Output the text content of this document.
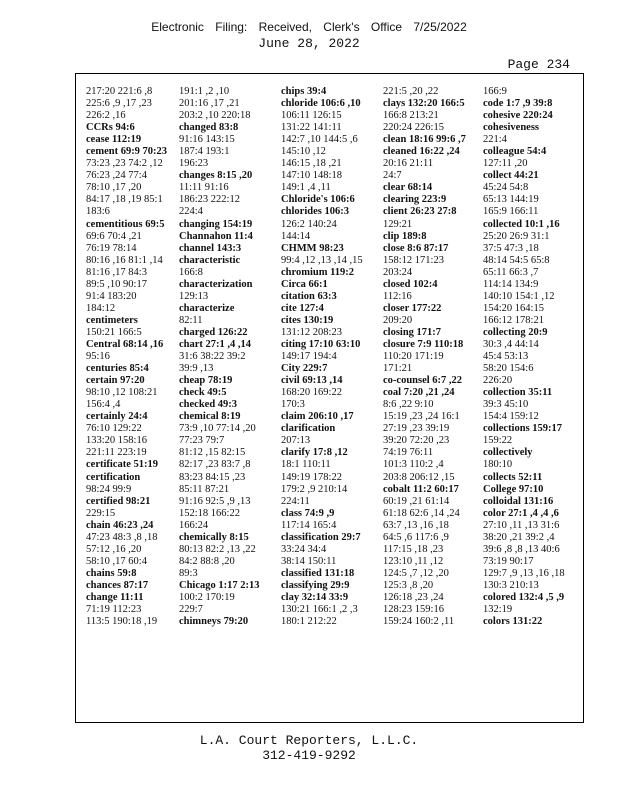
Electronic Filing: Received, Clerk's Office 7/25/2022
June 28, 2022
Page 234
217:20 221:6 ,8
225:6 ,9 ,17 ,23
226:2 ,16
CCRs 94:6
cease 112:19
cement 69:9 70:23
73:23 ,23 74:2 ,12
76:23 ,24 77:4
78:10 ,17 ,20
84:17 ,18 ,19 85:1
183:6
cementitious 69:5
69:6 70:4 ,21
76:19 78:14
80:16 ,16 81:1 ,14
81:16 ,17 84:3
89:5 ,10 90:17
91:4 183:20
184:12
centimeters
150:21 166:5
Central 68:14 ,16
95:16
centuries 85:4
certain 97:20
98:10 ,12 108:21
156:4 ,4
certainly 24:4
76:10 129:22
133:20 158:16
221:11 223:19
certificate 51:19
certification
98:24 99:9
certified 98:21
229:15
chain 46:23 ,24
47:23 48:3 ,8 ,18
57:12 ,16 ,20
58:10 ,17 60:4
chains 59:8
chances 87:17
change 11:11
71:19 112:23
113:5 190:18 ,19
191:1 ,2 ,10
201:16 ,17 ,21
203:2 ,10 220:18
changed 83:8
91:16 143:15
187:4 193:1
196:23
changes 8:15 ,20
11:11 91:16
186:23 222:12
224:4
changing 154:19
Channahon 11:4
channel 143:3
characteristic
166:8
characterization
129:13
characterize
82:11
charged 126:22
chart 27:1 ,4 ,14
31:6 38:22 39:2
39:9 ,13
cheap 78:19
check 49:5
checked 49:3
chemical 8:19
73:9 ,10 77:14 ,20
77:23 79:7
81:12 ,15 82:15
82:17 ,23 83:7 ,8
83:23 84:15 ,23
85:11 87:21
91:16 92:5 ,9 ,13
152:18 166:22
166:24
chemically 8:15
80:13 82:2 ,13 ,22
84:2 88:8 ,20
89:3
Chicago 1:17 2:13
100:2 170:19
229:7
chimneys 79:20
chips 39:4
chloride 106:6 ,10
106:11 126:15
131:22 141:11
142:7 ,10 144:5 ,6
145:10 ,12
146:15 ,18 ,21
147:10 148:18
149:1 ,4 ,11
Chloride's 106:6
chlorides 106:3
126:2 140:24
144:14
CHMM 98:23
99:4 ,12 ,13 ,14 ,15
chromium 119:2
Circa 66:1
citation 63:3
cite 127:4
cites 130:19
131:12 208:23
citing 17:10 63:10
149:17 194:4
City 229:7
civil 69:13 ,14
168:20 169:22
170:3
claim 206:10 ,17
clarification
207:13
clarify 17:8 ,12
18:1 110:11
149:19 178:22
179:2 ,9 210:14
224:11
class 74:9 ,9
117:14 165:4
classification 29:7
33:24 34:4
38:14 150:11
classified 131:18
classifying 29:9
clay 32:14 33:9
130:21 166:1 ,2 ,3
180:1 212:22
221:5 ,20 ,22
clays 132:20 166:5
166:8 213:21
220:24 226:15
clean 18:16 99:6 ,7
cleaned 16:22 ,24
20:16 21:11
24:7
clear 68:14
clearing 223:9
client 26:23 27:8
129:21
clip 189:8
close 8:6 87:17
158:12 171:23
203:24
closed 102:4
112:16
closer 177:22
209:20
closing 171:7
closure 7:9 110:18
110:20 171:19
171:21
co-counsel 6:7 ,22
coal 7:20 ,21 ,24
8:6 ,22 9:10
15:19 ,23 ,24 16:1
27:19 ,23 39:19
39:20 72:20 ,23
74:19 76:11
101:3 110:2 ,4
203:8 206:12 ,15
cobalt 11:2 60:17
60:19 ,21 61:14
61:18 62:6 ,14 ,24
63:7 ,13 ,16 ,18
64:5 ,6 117:6 ,9
117:15 ,18 ,23
123:10 ,11 ,12
124:5 ,7 ,12 ,20
125:3 ,8 ,20
126:18 ,23 ,24
128:23 159:16
159:24 160:2 ,11
166:9
code 1:7 ,9 39:8
cohesive 220:24
cohesiveness
221:4
colleague 54:4
127:11 ,20
collect 44:21
45:24 54:8
65:13 144:19
165:9 166:11
collected 10:1 ,16
25:20 26:9 31:1
37:5 47:3 ,18
48:14 54:5 65:8
65:11 66:3 ,7
114:14 134:9
140:10 154:1 ,12
154:20 164:15
166:12 178:21
collecting 20:9
30:3 ,4 44:14
45:4 53:13
58:20 154:6
226:20
collection 35:11
39:3 45:10
154:4 159:12
collections 159:17
159:22
collectively
180:10
collects 52:11
College 97:10
colloidal 131:16
color 27:1 ,4 ,4 ,6
27:10 ,11 ,13 31:6
38:20 ,21 39:2 ,4
39:6 ,8 ,8 ,13 40:6
73:19 90:17
129:7 ,9 ,13 ,16 ,18
130:3 210:13
colored 132:4 ,5 ,9
132:19
colors 131:22
L.A. Court Reporters, L.L.C.
312-419-9292
